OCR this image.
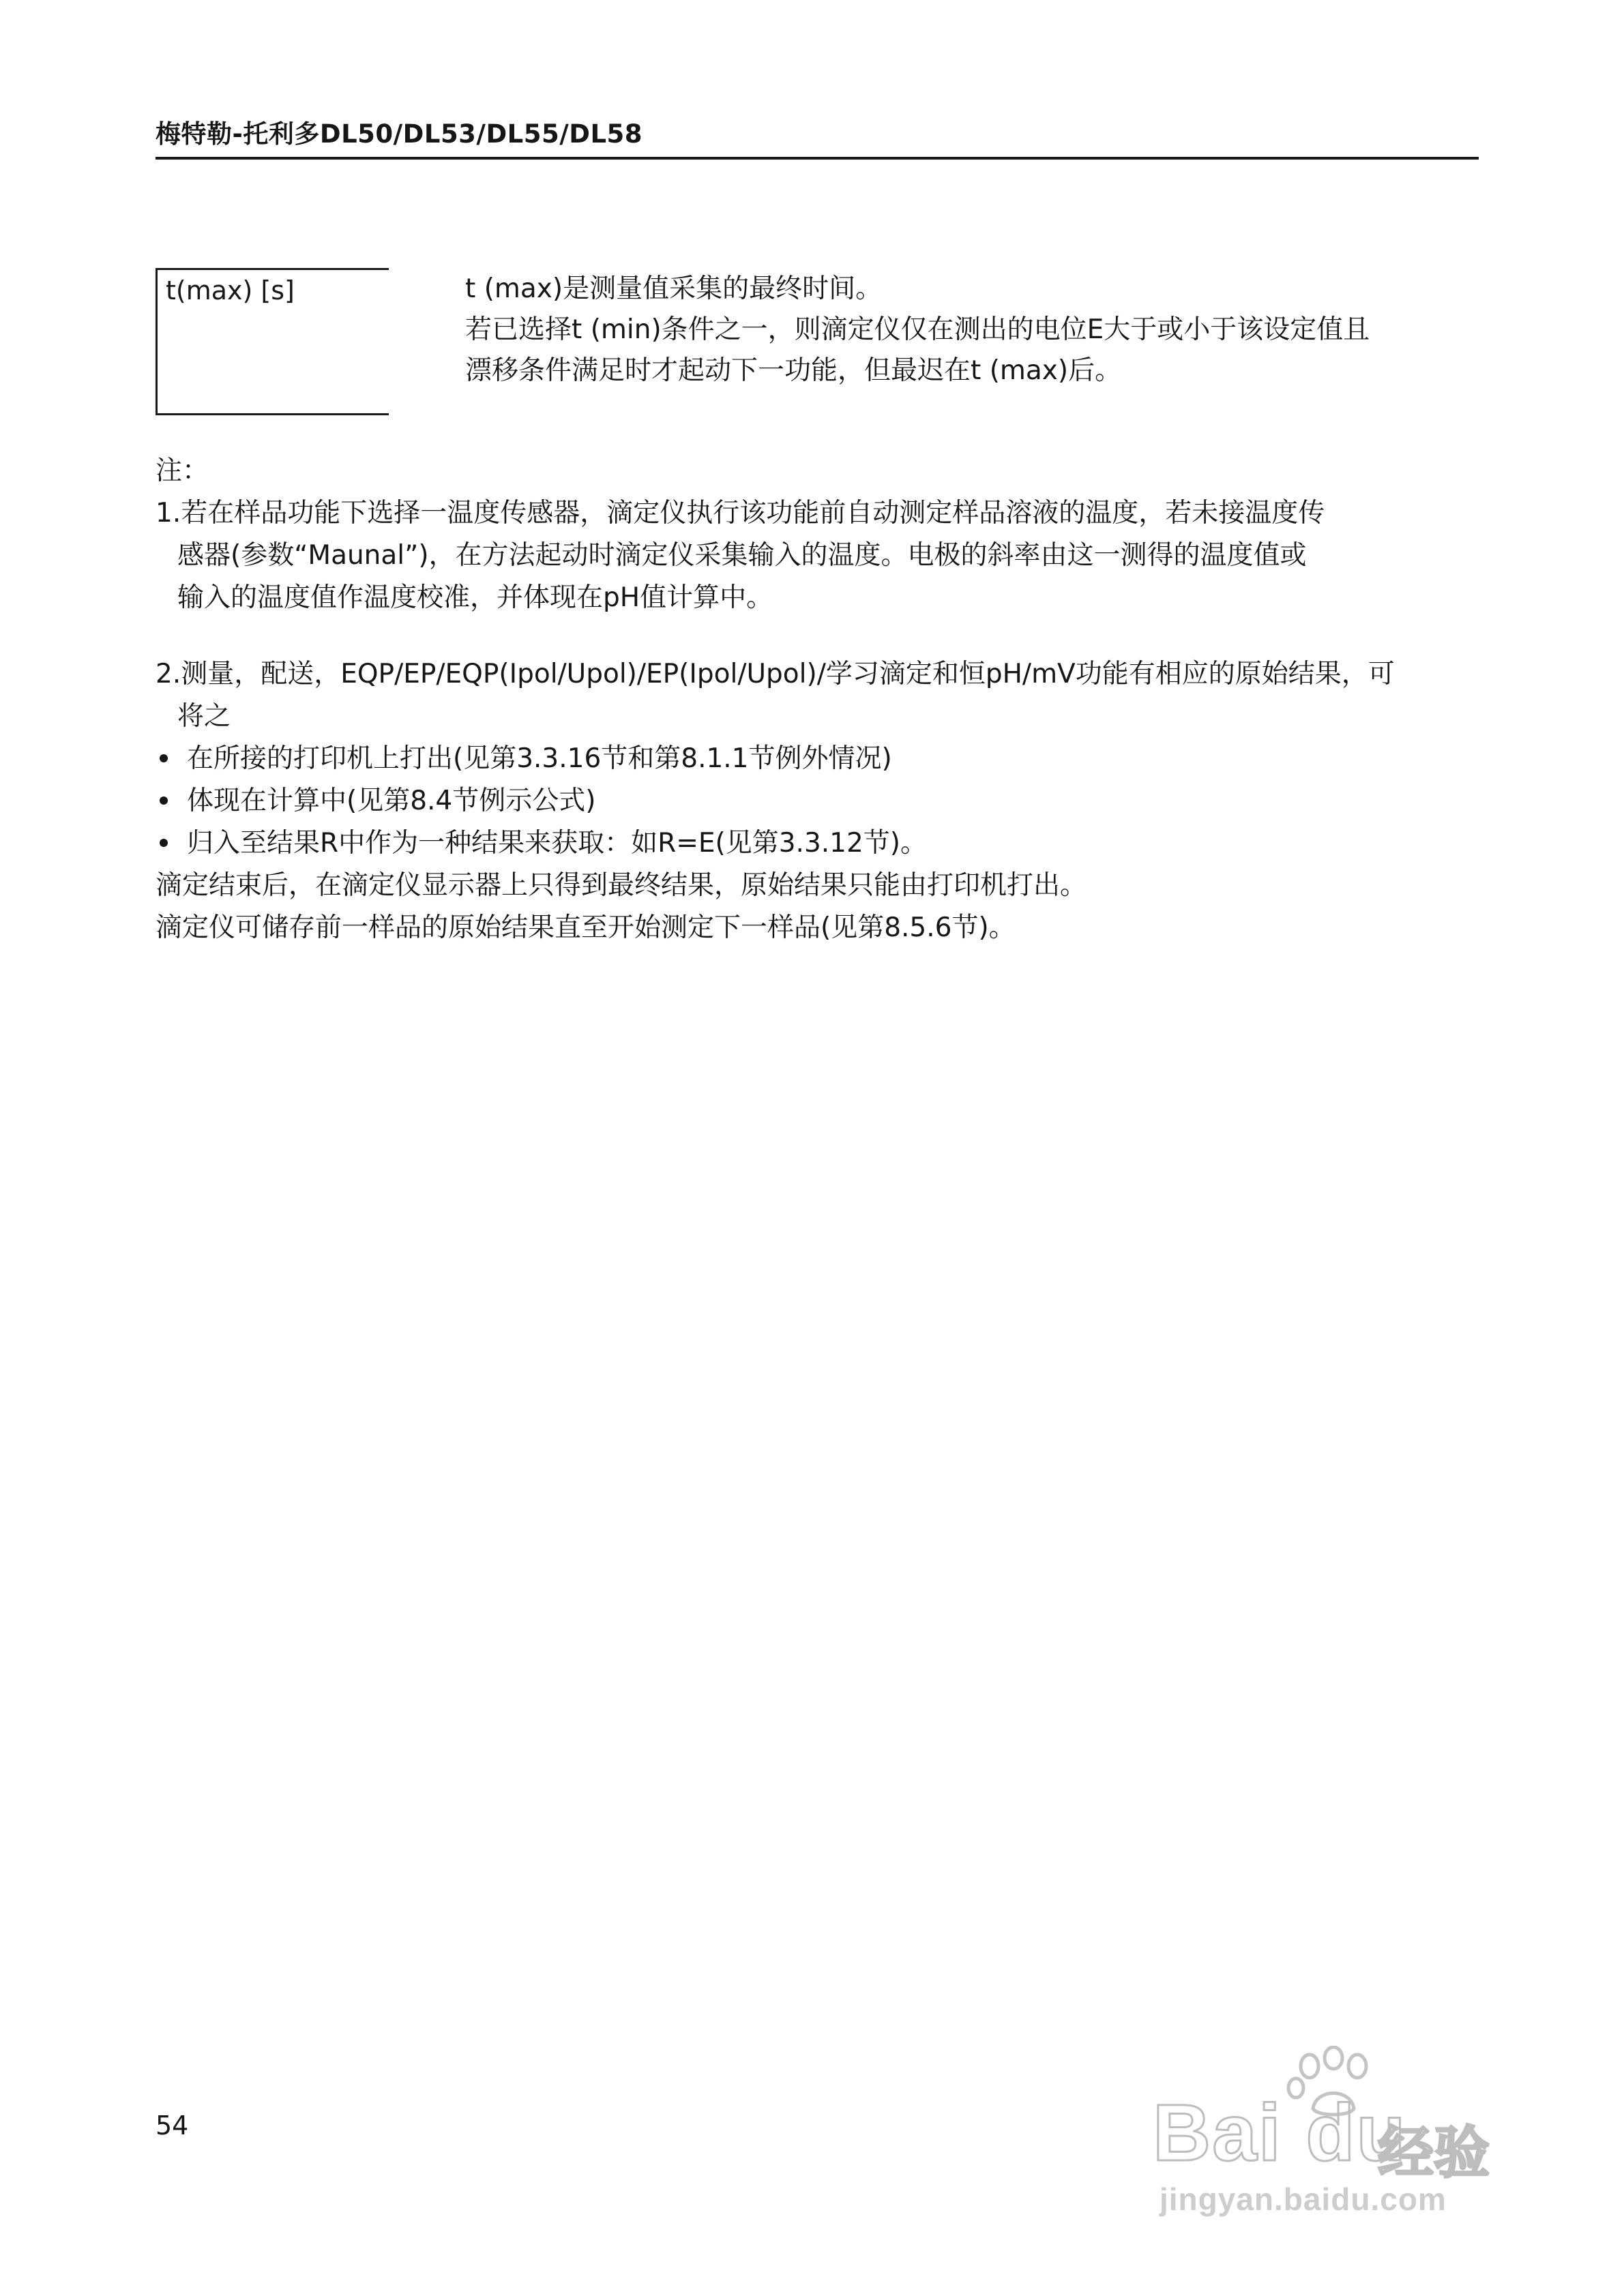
梅特勒-托利多DL50/DL53/DL55/DL58
t(max) [s]	t (max)是测量值采集的最终时间。
若已选择t (min)条件之一，则滴定仪仅在测出的电位E大于或小于该设定值且
漂移条件满足时才起动下一功能，但最迟在t (max)后。
注：
1.若在样品功能下选择一温度传感器，滴定仪执行该功能前自动测定样品溶液的温度，若未接温度传
感器(参数“Maunal”)，在方法起动时滴定仪采集输入的温度。电极的斜率由这一测得的温度值或
输入的温度值作温度校准，并体现在pH值计算中。
2.测量，配送，EQP/EP/EQP(Ipol/Upol)/EP(Ipol/Upol)/学习滴定和恒pH/mV功能有相应的原始结果，可
将之
在所接的打印机上打出(见第3.3.16节和第8.1.1节例外情况)
体现在计算中(见第8.4节例示公式)
归入至结果R中作为一种结果来获取：如R=E(见第3.3.12节)。
滴定结束后，在滴定仪显示器上只得到最终结果，原始结果只能由打印机打出。
滴定仪可储存前一样品的原始结果直至开始测定下一样品(见第8.5.6节)。
54	Bai du
经验
jingyan.baidu.com
